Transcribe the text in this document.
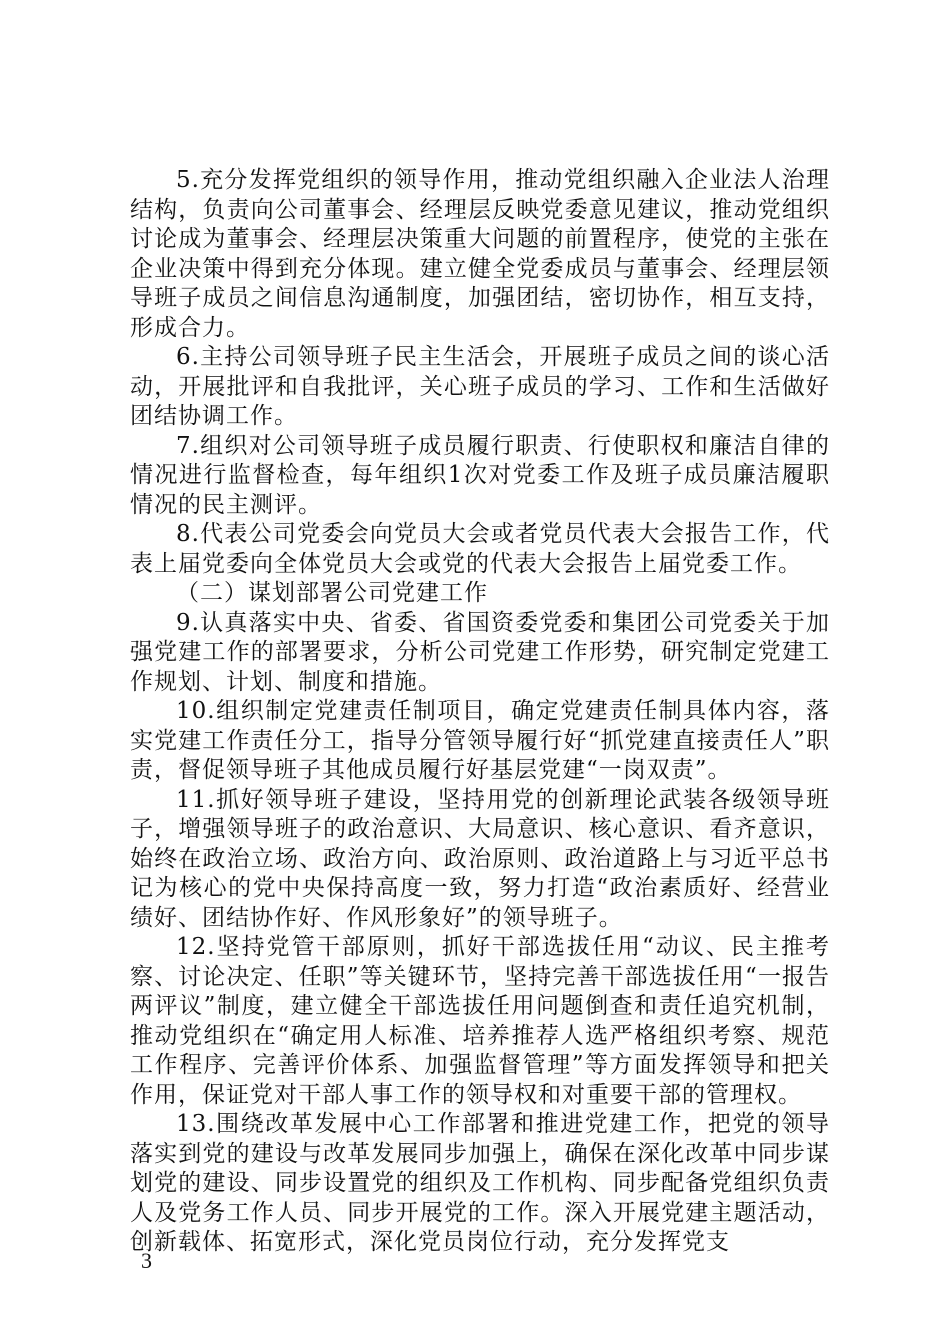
5.充分发挥党组织的领导作用，推动党组织融入企业法人治理结构，负责向公司董事会、经理层反映党委意见建议，推动党组织讨论成为董事会、经理层决策重大问题的前置程序，使党的主张在企业决策中得到充分体现。建立健全党委成员与董事会、经理层领导班子成员之间信息沟通制度，加强团结，密切协作，相互支持，形成合力。

6.主持公司领导班子民主生活会，开展班子成员之间的谈心活动，开展批评和自我批评，关心班子成员的学习、工作和生活做好团结协调工作。

7.组织对公司领导班子成员履行职责、行使职权和廉洁自律的情况进行监督检查，每年组织1次对党委工作及班子成员廉洁履职情况的民主测评。

8.代表公司党委会向党员大会或者党员代表大会报告工作，代表上届党委向全体党员大会或党的代表大会报告上届党委工作。

（二）谋划部署公司党建工作

9.认真落实中央、省委、省国资委党委和集团公司党委关于加强党建工作的部署要求，分析公司党建工作形势，研究制定党建工作规划、计划、制度和措施。

10.组织制定党建责任制项目，确定党建责任制具体内容，落实党建工作责任分工，指导分管领导履行好“抓党建直接责任人”职责，督促领导班子其他成员履行好基层党建“一岗双责”。

11.抓好领导班子建设，坚持用党的创新理论武装各级领导班子，增强领导班子的政治意识、大局意识、核心意识、看齐意识，始终在政治立场、政治方向、政治原则、政治道路上与习近平总书记为核心的党中央保持高度一致，努力打造“政治素质好、经营业绩好、团结协作好、作风形象好”的领导班子。

12.坚持党管干部原则，抓好干部选拔任用“动议、民主推考察、讨论决定、任职”等关键环节，坚持完善干部选拔任用“一报告两评议”制度，建立健全干部选拔任用问题倒查和责任追究机制，推动党组织在“确定用人标准、培养推荐人选严格组织考察、规范工作程序、完善评价体系、加强监督管理”等方面发挥领导和把关作用，保证党对干部人事工作的领导权和对重要干部的管理权。

13.围绕改革发展中心工作部署和推进党建工作，把党的领导落实到党的建设与改革发展同步加强上，确保在深化改革中同步谋划党的建设、同步设置党的组织及工作机构、同步配备党组织负责人及党务工作人员、同步开展党的工作。深入开展党建主题活动，创新载体、拓宽形式，深化党员岗位行动，充分发挥党支

3
